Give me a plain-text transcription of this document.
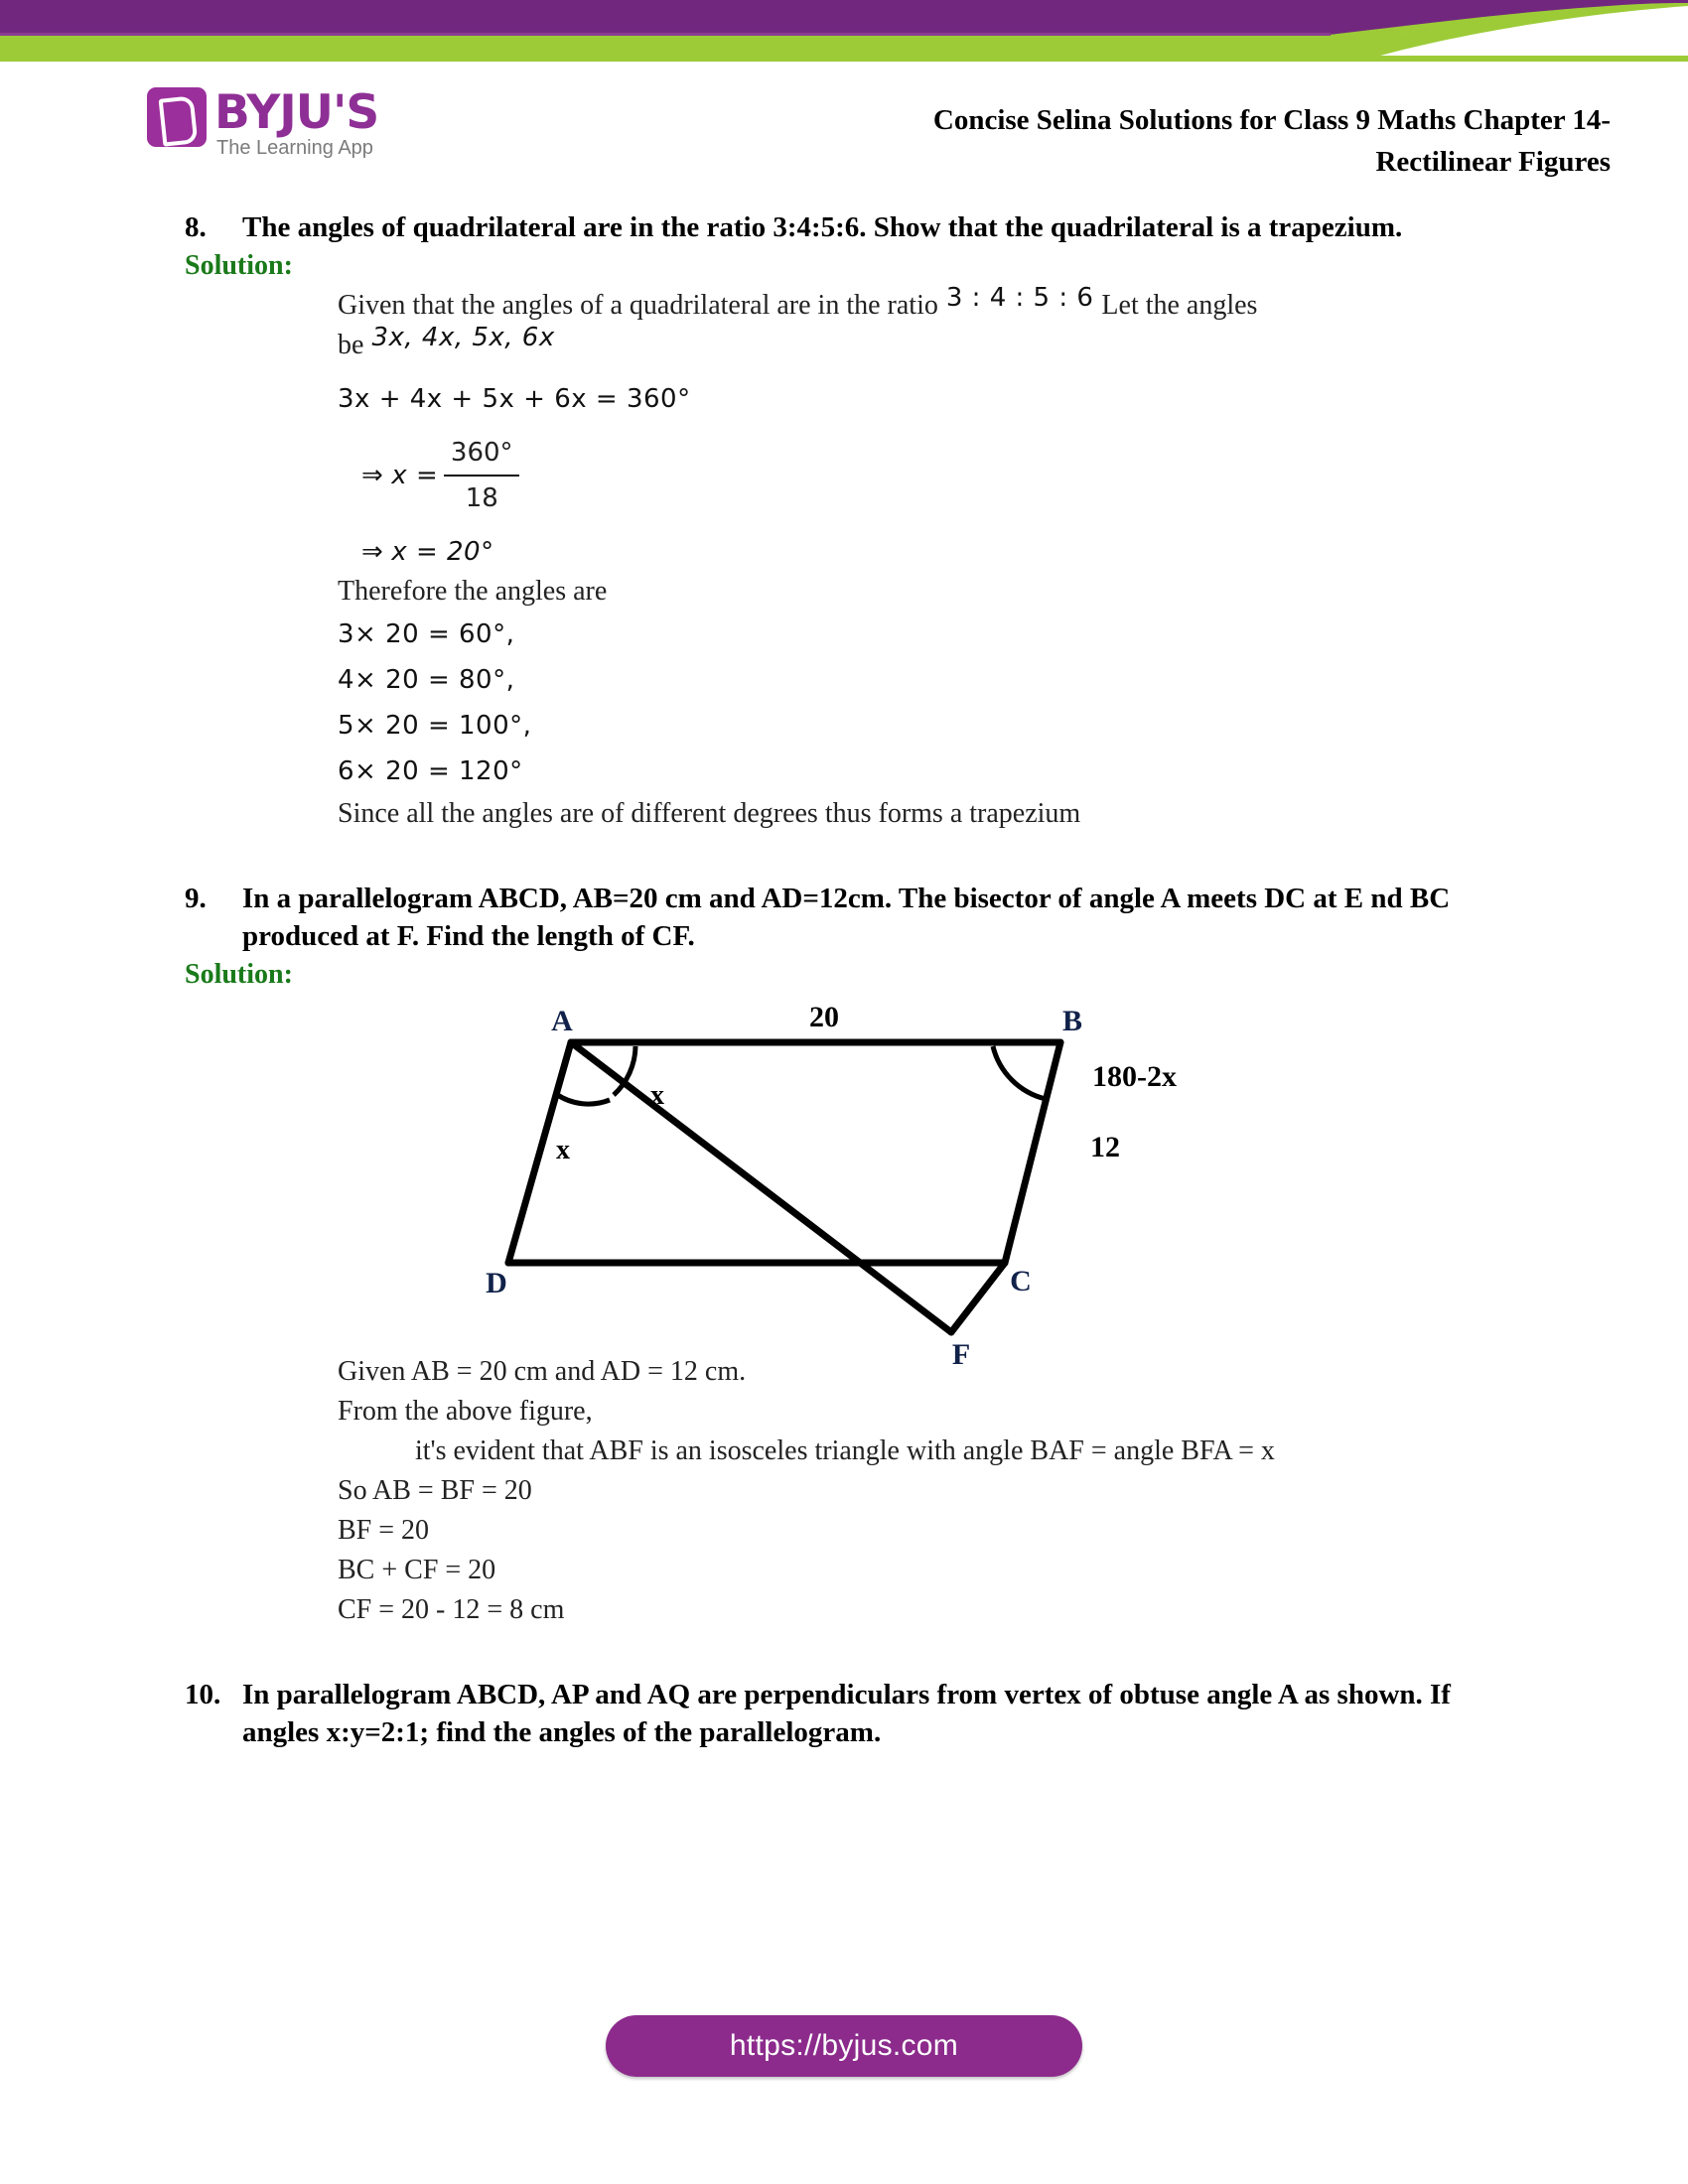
BYJU'S
The Learning App
Concise Selina Solutions for Class 9 Maths Chapter 14-
Rectilinear Figures
8.	The angles of quadrilateral are in the ratio 3:4:5:6. Show that the quadrilateral is a trapezium.
Solution:
Given that the angles of a quadrilateral are in the ratio 3 : 4 : 5 : 6 Let the angles
be 3x, 4x, 5x, 6x
3x + 4x + 5x + 6x = 360°
⇒ $x = \frac{360^\circ}{18}$
⇒ x = 20°
Therefore the angles are
3× 20 = 60°,
4× 20 = 80°,
5× 20 = 100°,
6× 20 = 120°
Since all the angles are of different degrees thus forms a trapezium
9.	In a parallelogram ABCD, AB=20 cm and AD=12cm. The bisector of angle A meets DC at E nd BC produced at F. Find the length of CF.
Solution:
A	B
C
D
F
20
12
180-2x
x
x
Given AB = 20 cm and AD = 12 cm.
From the above figure,
it's evident that ABF is an isosceles triangle with angle BAF = angle BFA = x
So AB = BF = 20
BF = 20
BC + CF = 20
CF = 20 - 12 = 8 cm
10. In parallelogram ABCD, AP and AQ are perpendiculars from vertex of obtuse angle A as shown. If angles x:y=2:1; find the angles of the parallelogram.
https://byjus.com
